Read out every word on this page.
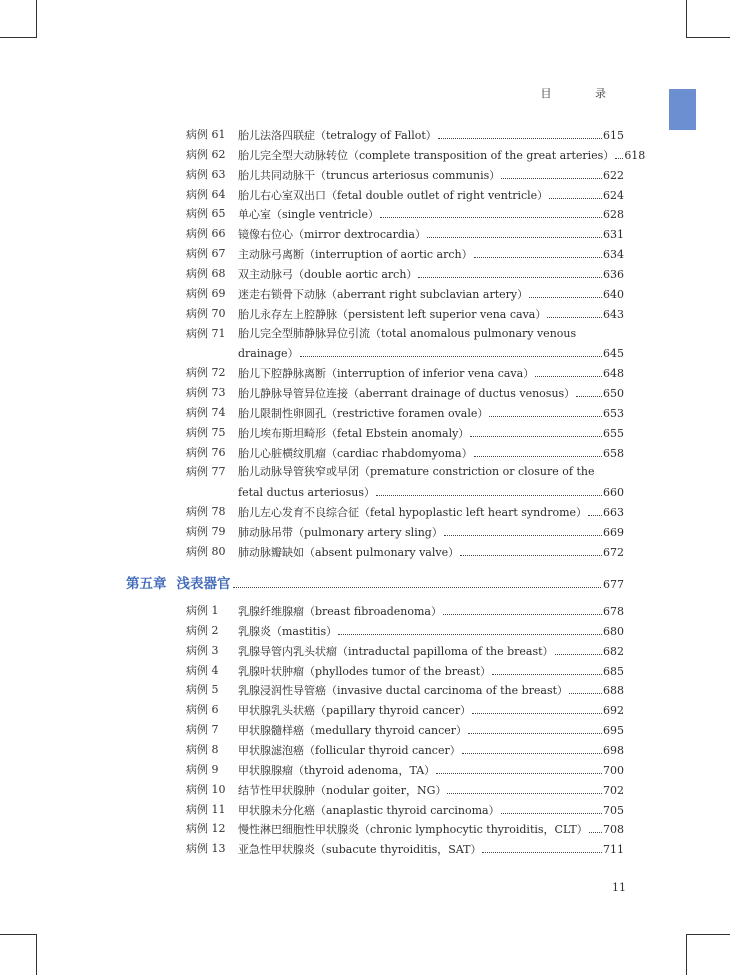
目 录
病例 61 胎儿法洛四联症（tetralogy of Fallot）	615
病例 62 胎儿完全型大动脉转位（complete transposition of the great arteries） 618
病例 63 胎儿共同动脉干（truncus arteriosus communis）	622
病例 64 胎儿右心室双出口（fetal double outlet of right ventricle）	624
病例 65 单心室（single ventricle）	628
病例 66 镜像右位心（mirror dextrocardia）	631
病例 67 主动脉弓离断（interruption of aortic arch）	634
病例 68 双主动脉弓（double aortic arch）	636
病例 69 迷走右锁骨下动脉（aberrant right subclavian artery）	640
病例 70 胎儿永存左上腔静脉（persistent left superior vena cava）	643
病例 71 胎儿完全型肺静脉异位引流（total anomalous pulmonary venous
drainage）	645
病例 72 胎儿下腔静脉离断（interruption of inferior vena cava）	648
病例 73 胎儿静脉导管异位连接（aberrant drainage of ductus venosus）	650
病例 74 胎儿限制性卵圆孔（restrictive foramen ovale）	653
病例 75 胎儿埃布斯坦畸形（fetal Ebstein anomaly）	655
病例 76 胎儿心脏横纹肌瘤（cardiac rhabdomyoma）	658
病例 77 胎儿动脉导管狭窄或早闭（premature constriction or closure of the
fetal ductus arteriosus）	660
病例 78 胎儿左心发育不良综合征（fetal hypoplastic left heart syndrome） 663
病例 79 肺动脉吊带（pulmonary artery sling）	669
病例 80 肺动脉瓣缺如（absent pulmonary valve）	672
第五章 浅表器官	677
病例 1 乳腺纤维腺瘤（breast fibroadenoma）	678
病例 2 乳腺炎（mastitis）	680
病例 3 乳腺导管内乳头状瘤（intraductal papilloma of the breast）	682
病例 4 乳腺叶状肿瘤（phyllodes tumor of the breast）	685
病例 5 乳腺浸润性导管癌（invasive ductal carcinoma of the breast）	688
病例 6 甲状腺乳头状癌（papillary thyroid cancer）	692
病例 7 甲状腺髓样癌（medullary thyroid cancer）	695
病例 8 甲状腺滤泡癌（follicular thyroid cancer）	698
病例 9 甲状腺腺瘤（thyroid adenoma，TA）	700
病例 10 结节性甲状腺肿（nodular goiter，NG）	702
病例 11 甲状腺未分化癌（anaplastic thyroid carcinoma）	705
病例 12 慢性淋巴细胞性甲状腺炎（chronic lymphocytic thyroiditis，CLT） 708
病例 13 亚急性甲状腺炎（subacute thyroiditis，SAT）	711
11
